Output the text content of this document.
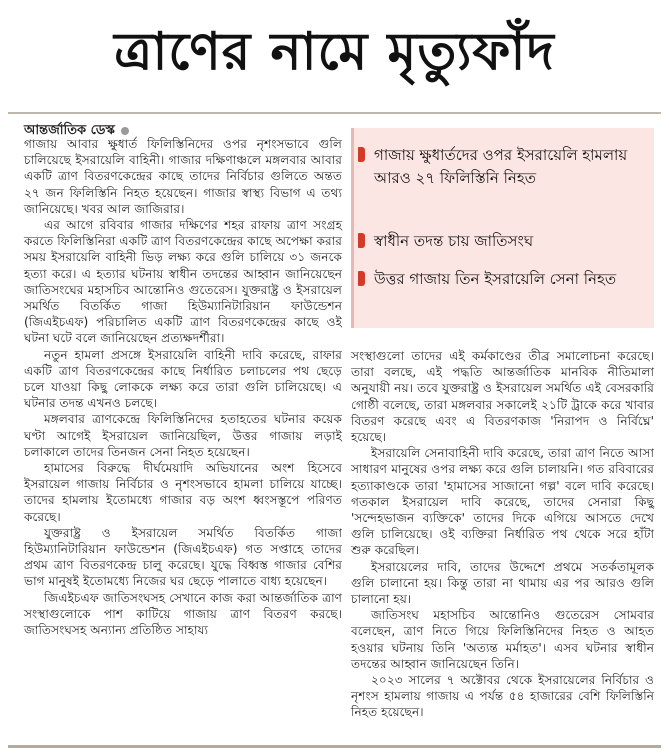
ত্রাণের নামে মৃত্যুফাঁদ
আন্তর্জাতিক ডেস্ক

গাজায় আবার ক্ষুধার্ত ফিলিস্তিনিদের ওপর নৃশংসভাবে গুলি চালিয়েছে ইসরায়েলি বাহিনী। গাজার দক্ষিণাঞ্চলে মঙ্গলবার আবার একটি ত্রাণ বিতরণকেন্দ্রের কাছে তাদের নির্বিচার গুলিতে অন্তত ২৭ জন ফিলিস্তিনি নিহত হয়েছেন। গাজার স্বাস্থ্য বিভাগ এ তথ্য জানিয়েছে। খবর আল জাজিরার।

এর আগে রবিবার গাজার দক্ষিণের শহর রাফায় ত্রাণ সংগ্রহ করতে ফিলিস্তিনিরা একটি ত্রাণ বিতরণকেন্দ্রের কাছে অপেক্ষা করার সময় ইসরায়েলি বাহিনী ভিড় লক্ষ্য করে গুলি চালিয়ে ৩১ জনকে হত্যা করে। এ হত্যার ঘটনায় স্বাধীন তদন্তের আহ্বান জানিয়েছেন জাতিসংঘের মহাসচিব আন্তোনিও গুতেরেস। যুক্তরাষ্ট্র ও ইসরায়েল সমর্থিত বিতর্কিত গাজা হিউম্যানিটারিয়ান ফাউন্ডেশন (জিএইচএফ) পরিচালিত একটি ত্রাণ বিতরণকেন্দ্রের কাছে ওই ঘটনা ঘটে বলে জানিয়েছেন প্রত্যক্ষদর্শীরা।

নতুন হামলা প্রসঙ্গে ইসরায়েলি বাহিনী দাবি করেছে, রাফার একটি ত্রাণ বিতরণকেন্দ্রের কাছে নির্ধারিত চলাচলের পথ ছেড়ে চলে যাওয়া কিছু লোককে লক্ষ্য করে তারা গুলি চালিয়েছে। এ ঘটনার তদন্ত এখনও চলছে।

মঙ্গলবার ত্রাণকেন্দ্রে ফিলিস্তিনিদের হতাহতের ঘটনার কয়েক ঘণ্টা আগেই ইসরায়েল জানিয়েছিল, উত্তর গাজায় লড়াই চলাকালে তাদের তিনজন সেনা নিহত হয়েছেন।

হামাসের বিরুদ্ধে দীর্ঘমেয়াদি অভিযানের অংশ হিসেবে ইসরায়েল গাজায় নির্বিচার ও নৃশংসভাবে হামলা চালিয়ে যাচ্ছে। তাদের হামলায় ইতোমধ্যে গাজার বড় অংশ ধ্বংসস্তূপে পরিণত করেছে।

যুক্তরাষ্ট্র ও ইসরায়েল সমর্থিত বিতর্কিত গাজা হিউম্যানিটারিয়ান ফাউন্ডেশন (জিএইচএফ) গত সপ্তাহে তাদের প্রথম ত্রাণ বিতরণকেন্দ্র চালু করেছে। যুদ্ধে বিধ্বস্ত গাজার বেশির ভাগ মানুষই ইতোমধ্যে নিজের ঘর ছেড়ে পালাতে বাধ্য হয়েছেন।

জিএইচএফ জাতিসংঘসহ সেখানে কাজ করা আন্তর্জাতিক ত্রাণ সংস্থাগুলোকে পাশ কাটিয়ে গাজায় ত্রাণ বিতরণ করছে। জাতিসংঘসহ অন্যান্য প্রতিষ্ঠিত সাহায্য

গাজায় ক্ষুধার্তদের ওপর ইসরায়েলি হামলায় আরও ২৭ ফিলিস্তিনি নিহত
স্বাধীন তদন্ত চায় জাতিসংঘ
উত্তর গাজায় তিন ইসরায়েলি সেনা নিহত

সংস্থাগুলো তাদের এই কর্মকাণ্ডের তীব্র সমালোচনা করেছে। তারা বলছে, এই পদ্ধতি আন্তর্জাতিক মানবিক নীতিমালা অনুযায়ী নয়। তবে যুক্তরাষ্ট্র ও ইসরায়েল সমর্থিত এই বেসরকারি গোষ্ঠী বলেছে, তারা মঙ্গলবার সকালেই ২১টি ট্রাকে করে খাবার বিতরণ করেছে এবং এ বিতরণকাজ 'নিরাপদ ও নির্বিঘ্নে' হয়েছে।

ইসরায়েলি সেনাবাহিনী দাবি করেছে, তারা ত্রাণ নিতে আসা সাধারণ মানুষের ওপর লক্ষ্য করে গুলি চালায়নি। গত রবিবারের হত্যাকাণ্ডকে তারা 'হামাসের সাজানো গল্প' বলে দাবি করেছে। গতকাল ইসরায়েল দাবি করেছে, তাদের সেনারা কিছু 'সন্দেহভাজন ব্যক্তিকে' তাদের দিকে এগিয়ে আসতে দেখে গুলি চালিয়েছে। ওই ব্যক্তিরা নির্ধারিত পথ থেকে সরে হাঁটা শুরু করেছিল।

ইসরায়েলের দাবি, তাদের উদ্দেশে প্রথমে সতর্কতামূলক গুলি চালানো হয়। কিন্তু তারা না থামায় এর পর আরও গুলি চালানো হয়।

জাতিসংঘ মহাসচিব আন্তোনিও গুতেরেস সোমবার বলেছেন, ত্রাণ নিতে গিয়ে ফিলিস্তিনিদের নিহত ও আহত হওয়ার ঘটনায় তিনি 'অত্যন্ত মর্মাহত'। এসব ঘটনার স্বাধীন তদন্তের আহ্বান জানিয়েছেন তিনি।

২০২৩ সালের ৭ অক্টোবর থেকে ইসরায়েলের নির্বিচার ও নৃশংস হামলায় গাজায় এ পর্যন্ত ৫৪ হাজারের বেশি ফিলিস্তিনি নিহত হয়েছেন।
